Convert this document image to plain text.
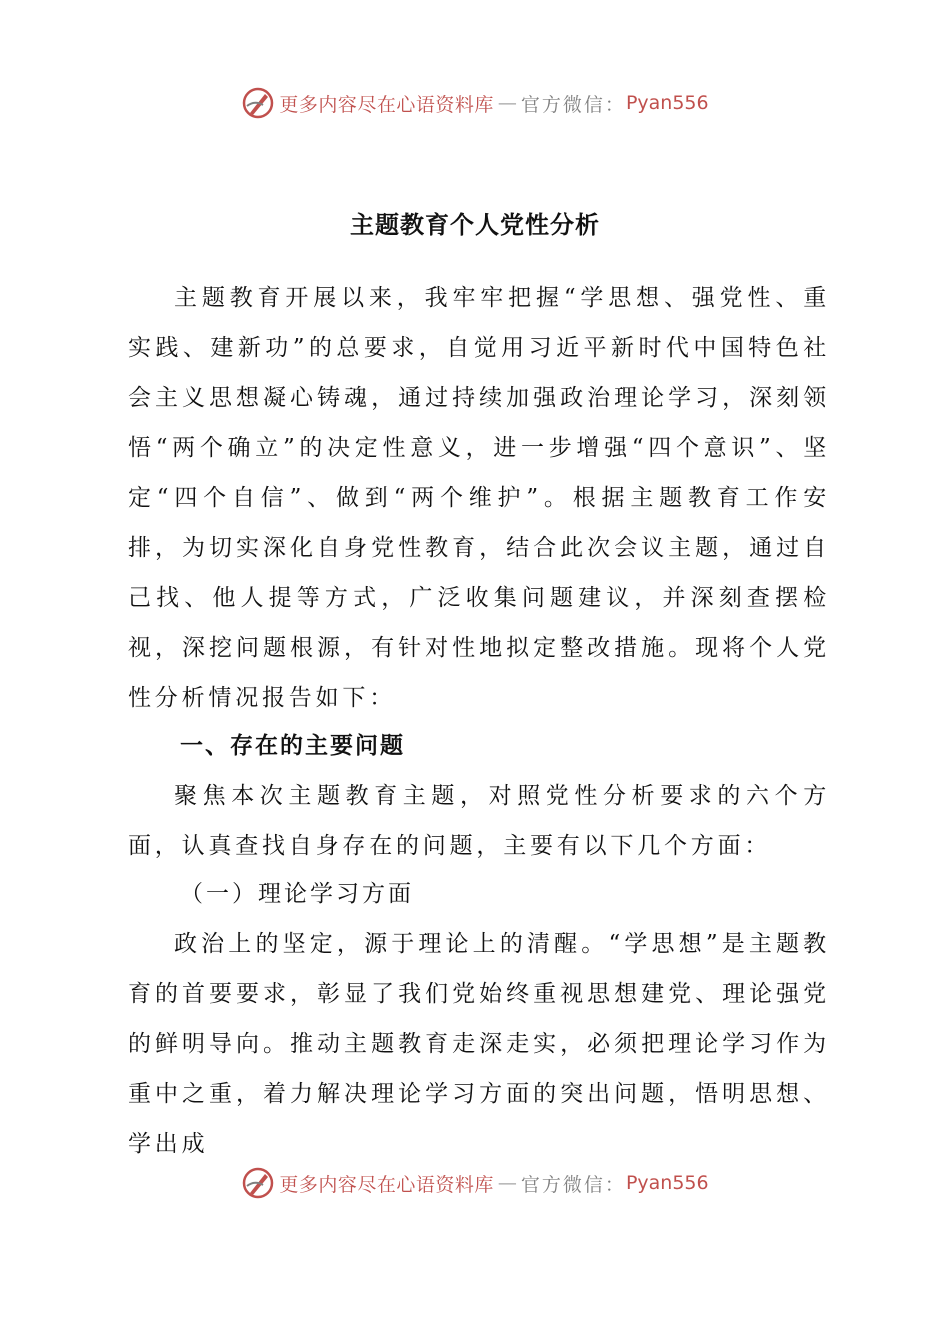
更多内容尽在心语资料库 — 官方微信： Pyan556
主题教育个人党性分析

主题教育开展以来，我牢牢把握“学思想、强党性、重实践、建新功”的总要求，自觉用习近平新时代中国特色社会主义思想凝心铸魂，通过持续加强政治理论学习，深刻领悟“两个确立”的决定性意义，进一步增强“四个意识”、坚定“四个自信”、做到“两个维护”。根据主题教育工作安排，为切实深化自身党性教育，结合此次会议主题，通过自己找、他人提等方式，广泛收集问题建议，并深刻查摆检视，深挖问题根源，有针对性地拟定整改措施。现将个人党性分析情况报告如下：

一、存在的主要问题

聚焦本次主题教育主题，对照党性分析要求的六个方面，认真查找自身存在的问题，主要有以下几个方面：

（一）理论学习方面

政治上的坚定，源于理论上的清醒。“学思想”是主题教育的首要要求，彰显了我们党始终重视思想建党、理论强党的鲜明导向。推动主题教育走深走实，必须把理论学习作为重中之重，着力解决理论学习方面的突出问题，悟明思想、学出成

更多内容尽在心语资料库 — 官方微信： Pyan556
